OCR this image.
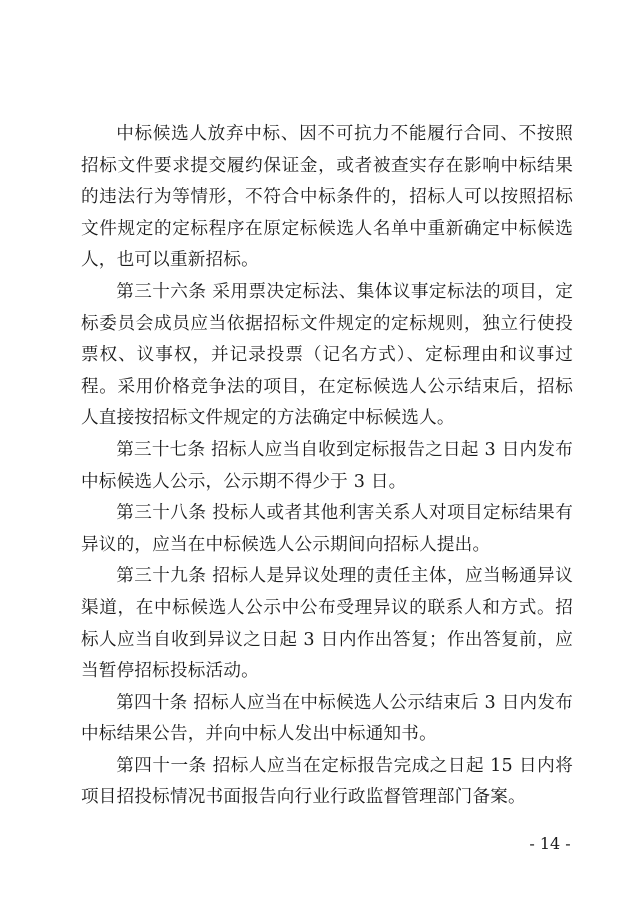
中标候选人放弃中标、因不可抗力不能履行合同、不按照招标文件要求提交履约保证金，或者被查实存在影响中标结果的违法行为等情形，不符合中标条件的，招标人可以按照招标文件规定的定标程序在原定标候选人名单中重新确定中标候选人，也可以重新招标。

第三十六条 采用票决定标法、集体议事定标法的项目，定标委员会成员应当依据招标文件规定的定标规则，独立行使投票权、议事权，并记录投票（记名方式）、定标理由和议事过程。采用价格竞争法的项目，在定标候选人公示结束后，招标人直接按招标文件规定的方法确定中标候选人。

第三十七条 招标人应当自收到定标报告之日起 3 日内发布中标候选人公示，公示期不得少于 3 日。

第三十八条 投标人或者其他利害关系人对项目定标结果有异议的，应当在中标候选人公示期间向招标人提出。

第三十九条 招标人是异议处理的责任主体，应当畅通异议渠道，在中标候选人公示中公布受理异议的联系人和方式。招标人应当自收到异议之日起 3 日内作出答复；作出答复前，应当暂停招标投标活动。

第四十条 招标人应当在中标候选人公示结束后 3 日内发布中标结果公告，并向中标人发出中标通知书。

第四十一条 招标人应当在定标报告完成之日起 15 日内将项目招投标情况书面报告向行业行政监督管理部门备案。

- 14 -
